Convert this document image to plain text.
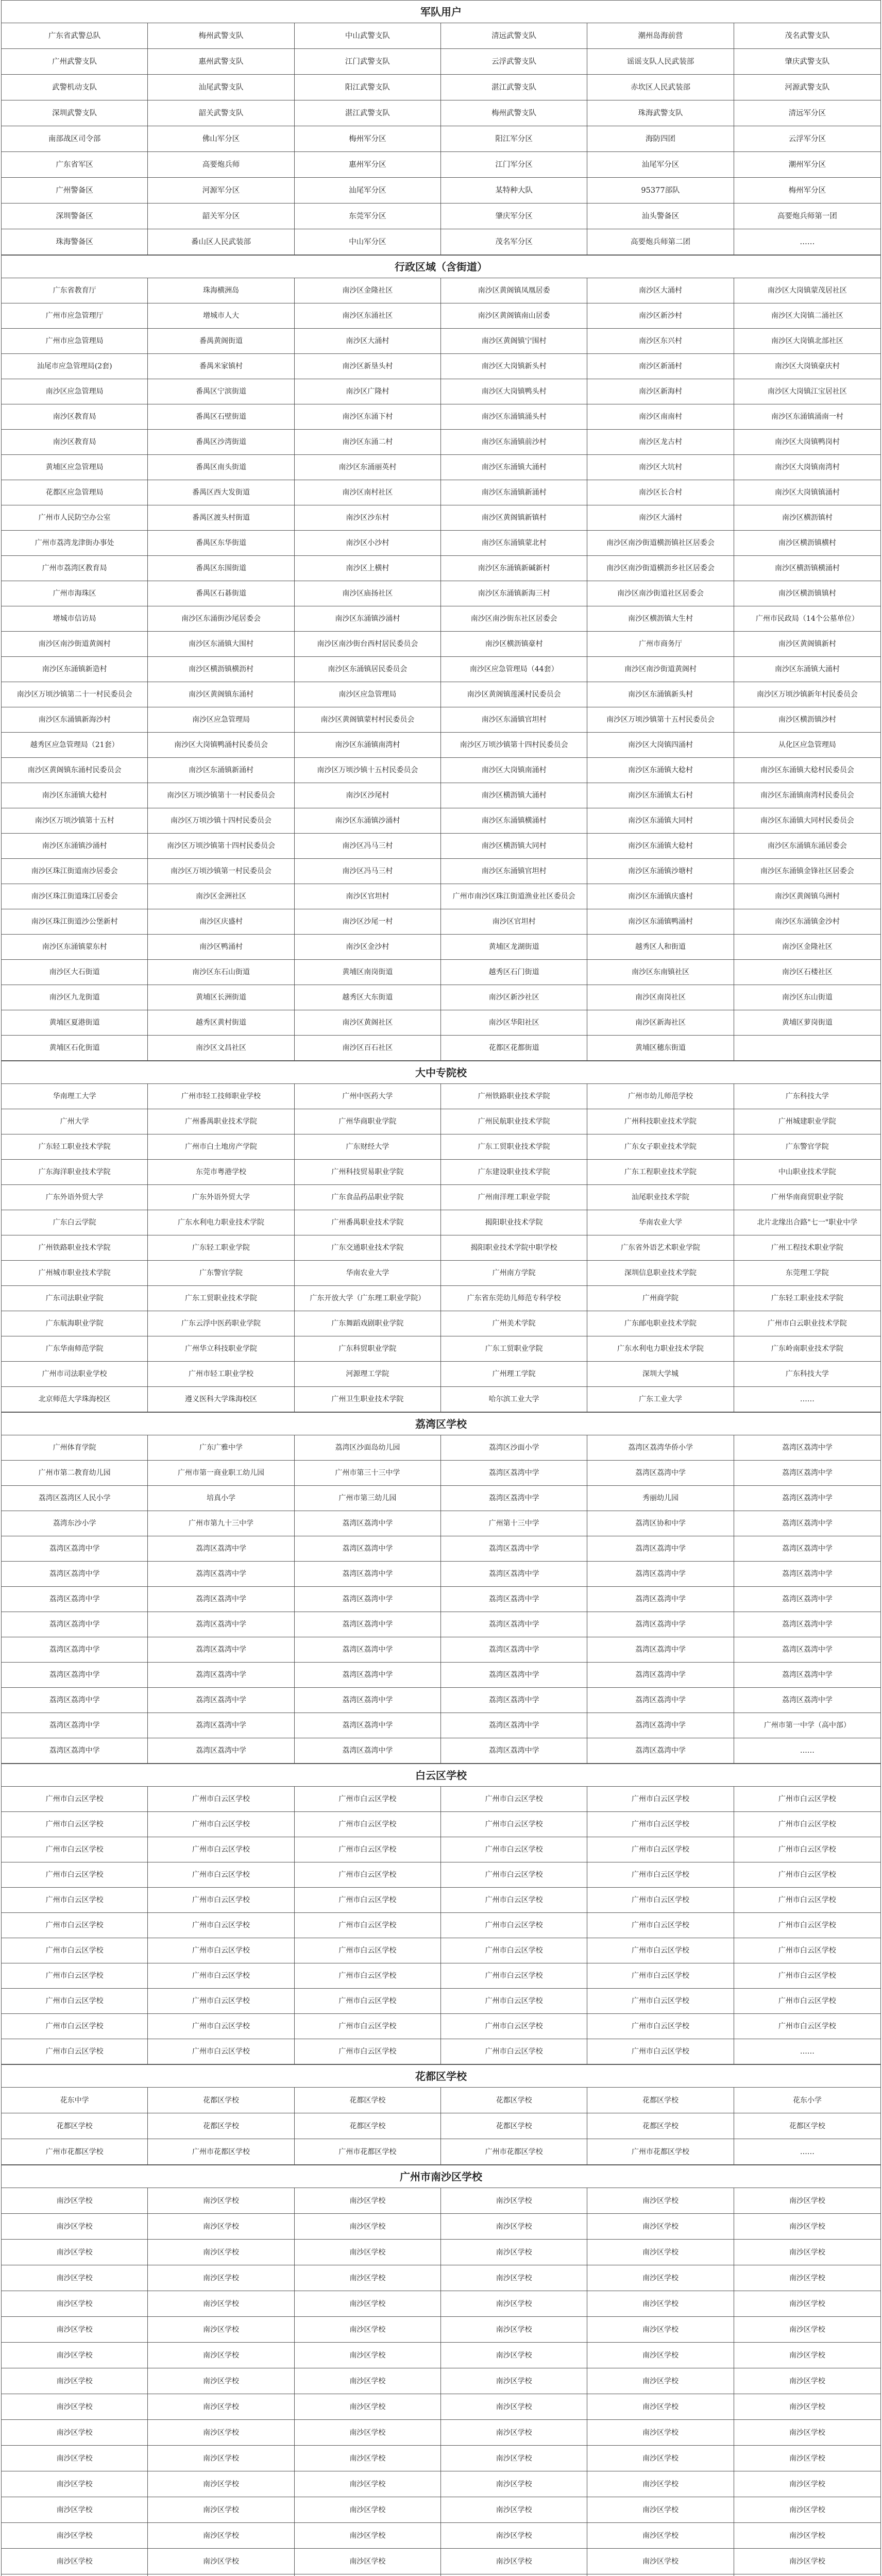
军队用户
广东省武警总队	梅州武警支队	中山武警支队	清远武警支队	潮州岛海前营	茂名武警支队
广州武警支队	惠州武警支队	江门武警支队	云浮武警支队	谣谣支队人民武装部	肇庆武警支队
武警机动支队	汕尾武警支队	阳江武警支队	湛江武警支队	赤坎区人民武装部	河源武警支队
深圳武警支队	韶关武警支队	湛江武警支队	梅州武警支队	珠海武警支队	清远军分区
南部战区司令部	佛山军分区	梅州军分区	阳江军分区	海防四团	云浮军分区
广东省军区	高要炮兵师	惠州军分区	江门军分区	汕尾军分区	潮州军分区
广州警备区	河源军分区	汕尾军分区	某特种大队	95377部队	梅州军分区
深圳警备区	韶关军分区	东莞军分区	肇庆军分区	汕头警备区	高要炮兵师第一团
珠海警备区	番山区人民武装部	中山军分区	茂名军分区	高要炮兵师第二团	……
行政区域（含街道）
广东省教育厅	珠海横洲岛	南沙区金隆社区	南沙区黄阁镇凤凰居委	南沙区大涌村	南沙区大岗镇蒙茂居社区
广州市应急管理厅	增城市人大	南沙区东涌社区	南沙区黄阁镇南山居委	南沙区新沙村	南沙区大岗镇二涌社区
广州市应急管理局	番禺黄阁街道	南沙区大涌村	南沙区黄阁镇宁围村	南沙区东兴村	南沙区大岗镇北部社区
汕尾市应急管理局(2套)	番禺米家镇村	南沙区新垦头村	南沙区大岗镇新头村	南沙区新涌村	南沙区大岗镇豪庆村
南沙区应急管理局	番禺区宁滨街道	南沙区广隆村	南沙区大岗镇鸭头村	南沙区新海村	南沙区大岗镇江宝居社区
南沙区教育局	番禺区石壁街道	南沙区东涌下村	南沙区东涌镇涌头村	南沙区南南村	南沙区东涌镇涌南一村
南沙区教育局	番禺区沙湾街道	南沙区东涌二村	南沙区东涌镇前沙村	南沙区龙古村	南沙区大岗镇鸭岗村
黄埔区应急管理局	番禺区南头街道	南沙区东涌丽英村	南沙区东涌镇大涌村	南沙区大坑村	南沙区大岗镇南湾村
花都区应急管理局	番禺区西大发街道	南沙区南村社区	南沙区东涌镇新涌村	南沙区长合村	南沙区大岗镇镇涌村
广州市人民防空办公室	番禺区渡头村街道	南沙区沙东村	南沙区黄阁镇新镇村	南沙区大涌村	南沙区横沥镇村
广州市荔湾龙津街办事处	番禺区东华街道	南沙区小沙村	南沙区东涌镇蒙北村	南沙区南沙街道横沥镇社区居委会	南沙区横沥镇横村
广州市荔湾区教育局	番禺区东围街道	南沙区上横村	南沙区东涌镇新碱新村	南沙区南沙街道横沥乡社区居委会	南沙区横沥镇横涌村
广州市海珠区	番禺区石碁街道	南沙区庙扬社区	南沙区东涌镇新海三村	南沙区南沙街道社区居委会	南沙区横沥镇镇村
增城市信访局	南沙区东涌街沙尾居委会	南沙区东涌镇沙涌村	南沙区南沙街东社区居委会	南沙区横沥镇大生村	广州市民政局（14个公墓单位）
南沙区南沙街道黄阁村	南沙区东涌镇大围村	南沙区南沙街台西村居民委员会	南沙区横沥镇豪村	广州市商务厅	南沙区黄阁镇新村
南沙区东涌镇新造村	南沙区横沥镇横沥村	南沙区东涌镇居民委员会	南沙区应急管理局（44套）	南沙区南沙街道黄阁村	南沙区东涌镇大涌村
南沙区万顷沙镇第二十一村民委员会	南沙区黄阁镇东涌村	南沙区应急管理局	南沙区黄阁镇莲溪村民委员会	南沙区东涌镇新头村	南沙区万顷沙镇新年村民委员会
南沙区东涌镇新海沙村	南沙区应急管理局	南沙区黄阁镇蒙村村民委员会	南沙区东涌镇官坦村	南沙区万顷沙镇第十五村民委员会	南沙区横沥镇沙村
越秀区应急管理局（21套）	南沙区大岗镇鸭涌村民委员会	南沙区东涌镇南湾村	南沙区万顷沙镇第十四村民委员会	南沙区大岗镇四涌村	从化区应急管理局
南沙区黄阁镇东涌村民委员会	南沙区东涌镇新涌村	南沙区万顷沙镇十五村民委员会	南沙区大岗镇南涌村	南沙区东涌镇大稔村	南沙区东涌镇大稔村民委员会
南沙区东涌镇大稔村	南沙区万顷沙镇第十一村民委员会	南沙区沙尾村	南沙区横沥镇大涌村	南沙区东涌镇太石村	南沙区东涌镇南湾村民委员会
南沙区万顷沙镇第十五村	南沙区万顷沙镇十四村民委员会	南沙区东涌镇沙涌村	南沙区东涌镇横涌村	南沙区东涌镇大同村	南沙区东涌镇大同村民委员会
南沙区东涌镇沙涌村	南沙区万顷沙镇第十四村民委员会	南沙区冯马三村	南沙区横沥镇大同村	南沙区东涌镇大稔村	南沙区东涌镇东涌居委会
南沙区珠江街道南沙居委会	南沙区万顷沙镇第一村民委员会	南沙区冯马三村	南沙区东涌镇官坦村	南沙区东涌镇沙塘村	南沙区东涌镇金锋社区居委会
南沙区珠江街道珠江居委会	南沙区金洲社区	南沙区官坦村	广州市南沙区珠江街道渔业社区委员会	南沙区东涌镇庆盛村	南沙区黄阁镇乌洲村
南沙区珠江街道沙公堡新村	南沙区庆盛村	南沙区沙尾一村	南沙区官坦村	南沙区东涌镇鸭涌村	南沙区东涌镇金沙村
南沙区东涌镇蒙东村	南沙区鸭涌村	南沙区金沙村	黄埔区龙湖街道	越秀区人和街道	南沙区金隆社区
南沙区大石街道	南沙区东石山街道	黄埔区南岗街道	越秀区石门街道	南沙区东南镇社区	南沙区石楼社区
南沙区九龙街道	黄埔区长洲街道	越秀区大东街道	南沙区新沙社区	南沙区南岗社区	南沙区东山街道
黄埔区夏港街道	越秀区黄村街道	南沙区黄阁社区	南沙区华阳社区	南沙区新海社区	黄埔区萝岗街道
黄埔区石化街道	南沙区文昌社区	南沙区百石社区	花都区花都街道	黄埔区穗东街道
大中专院校
华南理工大学	广州市轻工技师职业学校	广州中医药大学	广州铁路职业技术学院	广州市幼儿师范学校	广东科技大学
广州大学	广州番禺职业技术学院	广州华商职业学院	广州民航职业技术学院	广州科技职业技术学院	广州城建职业学院
广东轻工职业技术学院	广州市白土地房产学院	广东财经大学	广东工贸职业技术学院	广东女子职业技术学院	广东警官学院
广东海洋职业技术学院	东莞市粤港学校	广州科技贸易职业学院	广东建设职业技术学院	广东工程职业技术学院	中山职业技术学院
广东外语外贸大学	广东外语外贸大学	广东食品药品职业学院	广州南洋理工职业学院	汕尾职业技术学院	广州华南商贸职业学院
广东白云学院	广东水利电力职业技术学院	广州番禺职业技术学院	揭阳职业技术学院	华南农业大学	北片北缘出合路"七一"职业中学
广州铁路职业技术学院	广东轻工职业学院	广东交通职业技术学院	揭阳职业技术学院中职学校	广东省外语艺术职业学院	广州工程技术职业学院
广州城市职业技术学院	广东警官学院	华南农业大学	广州南方学院	深圳信息职业技术学院	东莞理工学院
广东司法职业学院	广东工贸职业技术学院	广东开放大学（广东理工职业学院）	广东省东莞幼儿师范专科学校	广州商学院	广东轻工职业技术学院
广东航海职业学院	广东云浮中医药职业学院	广东舞蹈戏剧职业学院	广州美术学院	广东邮电职业技术学院	广州市白云职业技术学院
广东华南师范学院	广州华立科技职业学院	广东科贸职业学院	广东工贸职业学院	广东水利电力职业技术学院	广东岭南职业技术学院
广州市司法职业学校	广州市轻工职业学校	河源理工学院	广州理工学院	深圳大学城	广东科技大学
北京师范大学珠海校区	遵义医科大学珠海校区	广州卫生职业技术学院	哈尔滨工业大学	广东工业大学	……
荔湾区学校
广州体育学院	广东广雅中学	荔湾区沙面岛幼儿园	荔湾区沙面小学	荔湾区荔湾华侨小学	荔湾区荔湾中学
广州市第二教育幼儿园	广州市第一商业职工幼儿园	广州市第三十三中学	荔湾区荔湾中学	荔湾区荔湾中学	荔湾区荔湾中学
荔湾区荔湾区人民小学	培真小学	广州市第三幼儿园	荔湾区荔湾中学	秀丽幼儿园	荔湾区荔湾中学
荔湾东沙小学	广州市第九十三中学	荔湾区荔湾中学	广州第十三中学	荔湾区协和中学	荔湾区荔湾中学
荔湾区荔湾中学	荔湾区荔湾中学	荔湾区荔湾中学	荔湾区荔湾中学	荔湾区荔湾中学	荔湾区荔湾中学
荔湾区荔湾中学	荔湾区荔湾中学	荔湾区荔湾中学	荔湾区荔湾中学	荔湾区荔湾中学	荔湾区荔湾中学
荔湾区荔湾中学	荔湾区荔湾中学	荔湾区荔湾中学	荔湾区荔湾中学	荔湾区荔湾中学	荔湾区荔湾中学
荔湾区荔湾中学	荔湾区荔湾中学	荔湾区荔湾中学	荔湾区荔湾中学	荔湾区荔湾中学	荔湾区荔湾中学
荔湾区荔湾中学	荔湾区荔湾中学	荔湾区荔湾中学	荔湾区荔湾中学	荔湾区荔湾中学	荔湾区荔湾中学
荔湾区荔湾中学	荔湾区荔湾中学	荔湾区荔湾中学	荔湾区荔湾中学	荔湾区荔湾中学	荔湾区荔湾中学
荔湾区荔湾中学	荔湾区荔湾中学	荔湾区荔湾中学	荔湾区荔湾中学	荔湾区荔湾中学	荔湾区荔湾中学
荔湾区荔湾中学	荔湾区荔湾中学	荔湾区荔湾中学	荔湾区荔湾中学	荔湾区荔湾中学	广州市第一中学（高中部）
荔湾区荔湾中学	荔湾区荔湾中学	荔湾区荔湾中学	荔湾区荔湾中学	荔湾区荔湾中学	……
白云区学校
广州市白云区学校	广州市白云区学校	广州市白云区学校	广州市白云区学校	广州市白云区学校	广州市白云区学校
广州市白云区学校	广州市白云区学校	广州市白云区学校	广州市白云区学校	广州市白云区学校	广州市白云区学校
广州市白云区学校	广州市白云区学校	广州市白云区学校	广州市白云区学校	广州市白云区学校	广州市白云区学校
广州市白云区学校	广州市白云区学校	广州市白云区学校	广州市白云区学校	广州市白云区学校	广州市白云区学校
广州市白云区学校	广州市白云区学校	广州市白云区学校	广州市白云区学校	广州市白云区学校	广州市白云区学校
广州市白云区学校	广州市白云区学校	广州市白云区学校	广州市白云区学校	广州市白云区学校	广州市白云区学校
广州市白云区学校	广州市白云区学校	广州市白云区学校	广州市白云区学校	广州市白云区学校	广州市白云区学校
广州市白云区学校	广州市白云区学校	广州市白云区学校	广州市白云区学校	广州市白云区学校	广州市白云区学校
广州市白云区学校	广州市白云区学校	广州市白云区学校	广州市白云区学校	广州市白云区学校	广州市白云区学校
广州市白云区学校	广州市白云区学校	广州市白云区学校	广州市白云区学校	广州市白云区学校	广州市白云区学校
广州市白云区学校	广州市白云区学校	广州市白云区学校	广州市白云区学校	广州市白云区学校	……
花都区学校
花东中学	花都区学校	花都区学校	花都区学校	花都区学校	花东小学
花都区学校	花都区学校	花都区学校	花都区学校	花都区学校	花都区学校
广州市花都区学校	广州市花都区学校	广州市花都区学校	广州市花都区学校	广州市花都区学校	……
广州市南沙区学校
南沙区学校	南沙区学校	南沙区学校	南沙区学校	南沙区学校	南沙区学校
南沙区学校	南沙区学校	南沙区学校	南沙区学校	南沙区学校	南沙区学校
南沙区学校	南沙区学校	南沙区学校	南沙区学校	南沙区学校	南沙区学校
南沙区学校	南沙区学校	南沙区学校	南沙区学校	南沙区学校	南沙区学校
南沙区学校	南沙区学校	南沙区学校	南沙区学校	南沙区学校	南沙区学校
南沙区学校	南沙区学校	南沙区学校	南沙区学校	南沙区学校	南沙区学校
南沙区学校	南沙区学校	南沙区学校	南沙区学校	南沙区学校	南沙区学校
南沙区学校	南沙区学校	南沙区学校	南沙区学校	南沙区学校	南沙区学校
南沙区学校	南沙区学校	南沙区学校	南沙区学校	南沙区学校	南沙区学校
南沙区学校	南沙区学校	南沙区学校	南沙区学校	南沙区学校	南沙区学校
南沙区学校	南沙区学校	南沙区学校	南沙区学校	南沙区学校	南沙区学校
南沙区学校	南沙区学校	南沙区学校	南沙区学校	南沙区学校	南沙区学校
南沙区学校	南沙区学校	南沙区学校	南沙区学校	南沙区学校	南沙区学校
南沙区学校	南沙区学校	南沙区学校	南沙区学校	南沙区学校	南沙区学校
南沙区学校	南沙区学校	南沙区学校	南沙区学校	南沙区学校	南沙区学校
